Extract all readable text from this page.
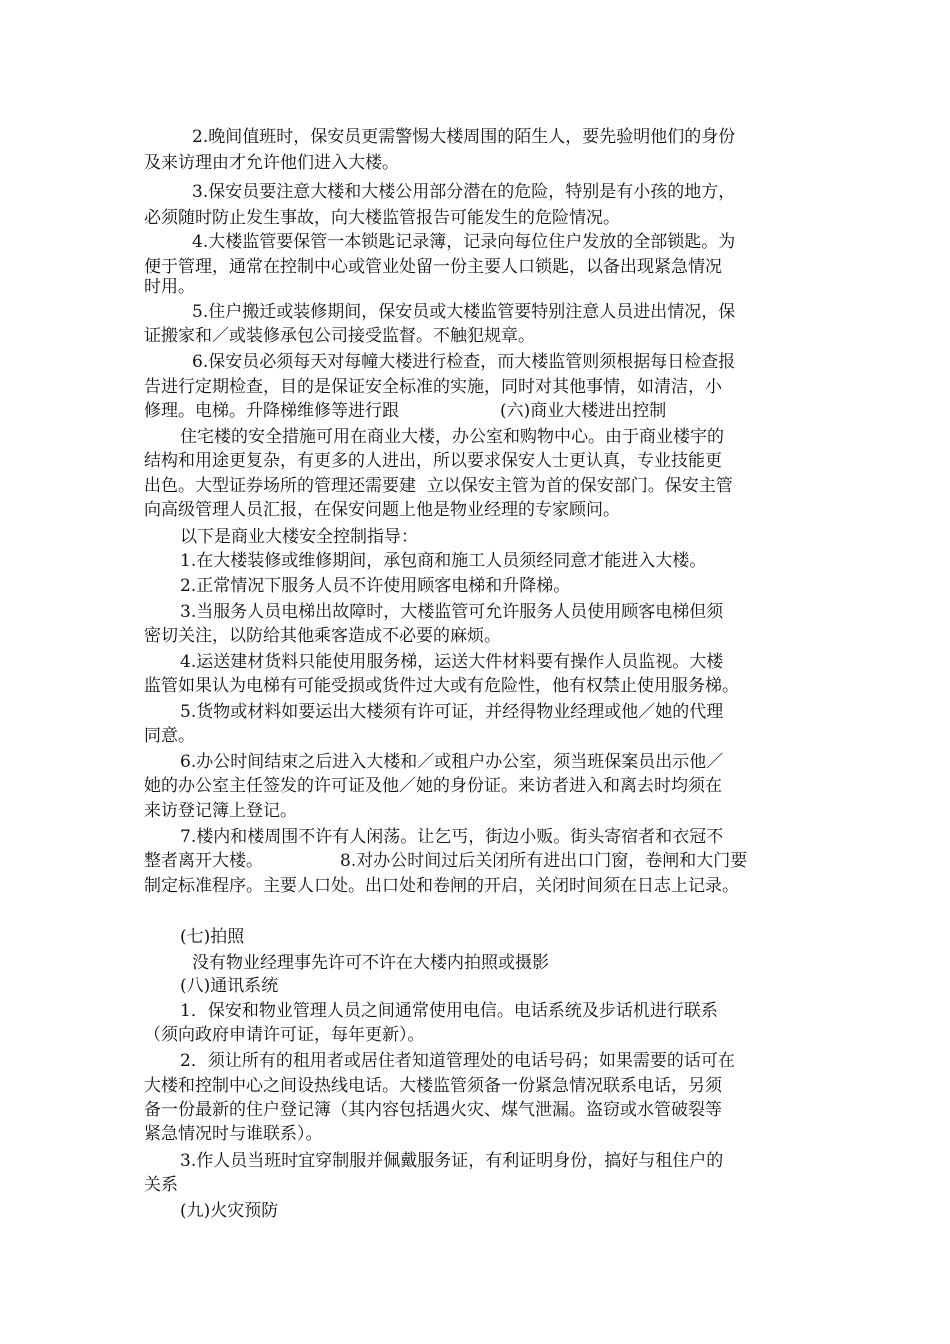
2.晚间值班时，保安员更需警惕大楼周围的陌生人，要先验明他们的身份
及来访理由才允许他们进入大楼。
3.保安员要注意大楼和大楼公用部分潜在的危险，特别是有小孩的地方，
必须随时防止发生事故，向大楼监管报告可能发生的危险情况。
4.大楼监管要保管一本锁匙记录簿，记录向每位住户发放的全部锁匙。为
便于管理，通常在控制中心或管业处留一份主要人口锁匙，以备出现紧急情况
时用。
5.住户搬迁或装修期间，保安员或大楼监管要特别注意人员进出情况，保
证搬家和／或装修承包公司接受监督。不触犯规章。
6.保安员必须每天对每幢大楼进行检查，而大楼监管则须根据每日检查报
告进行定期检查，目的是保证安全标准的实施，同时对其他事情，如清洁，小
修理。电梯。升降梯维修等进行跟	(六)商业大楼进出控制
住宅楼的安全措施可用在商业大楼，办公室和购物中心。由于商业楼宇的
结构和用途更复杂，有更多的人进出，所以要求保安人士更认真，专业技能更
出色。大型证券场所的管理还需要建  立以保安主管为首的保安部门。保安主管
向高级管理人员汇报，在保安问题上他是物业经理的专家顾问。
以下是商业大楼安全控制指导：
1.在大楼装修或维修期间，承包商和施工人员须经同意才能进入大楼。
2.正常情况下服务人员不许使用顾客电梯和升降梯。
3.当服务人员电梯出故障时，大楼监管可允许服务人员使用顾客电梯但须
密切关注，以防给其他乘客造成不必要的麻烦。
4.运送建材货料只能使用服务梯，运送大件材料要有操作人员监视。大楼
监管如果认为电梯有可能受损或货件过大或有危险性，他有权禁止使用服务梯。
5.货物或材料如要运出大楼须有许可证，并经得物业经理或他／她的代理
同意。
6.办公时间结束之后进入大楼和／或租户办公室，须当班保案员出示他／
她的办公室主任签发的许可证及他／她的身份证。来访者进入和离去时均须在
来访登记簿上登记。
7.楼内和楼周围不许有人闲荡。让乞丐，街边小贩。街头寄宿者和衣冠不
整者离开大楼。	8.对办公时间过后关闭所有进出口门窗，卷闸和大门要
制定标准程序。主要人口处。出口处和卷闸的开启，关闭时间须在日志上记录。
(七)拍照
没有物业经理事先许可不许在大楼内拍照或摄影
(八)通讯系统
1．保安和物业管理人员之间通常使用电信。电话系统及步话机进行联系
（须向政府申请许可证，每年更新）。
2．须让所有的租用者或居住者知道管理处的电话号码；如果需要的话可在
大楼和控制中心之间设热线电话。大楼监管须备一份紧急情况联系电话，另须
备一份最新的住户登记簿（其内容包括遇火灾、煤气泄漏。盗窃或水管破裂等
紧急情况时与谁联系）。
3.作人员当班时宜穿制服并佩戴服务证，有利证明身份，搞好与租住户的
关系
(九)火灾预防
